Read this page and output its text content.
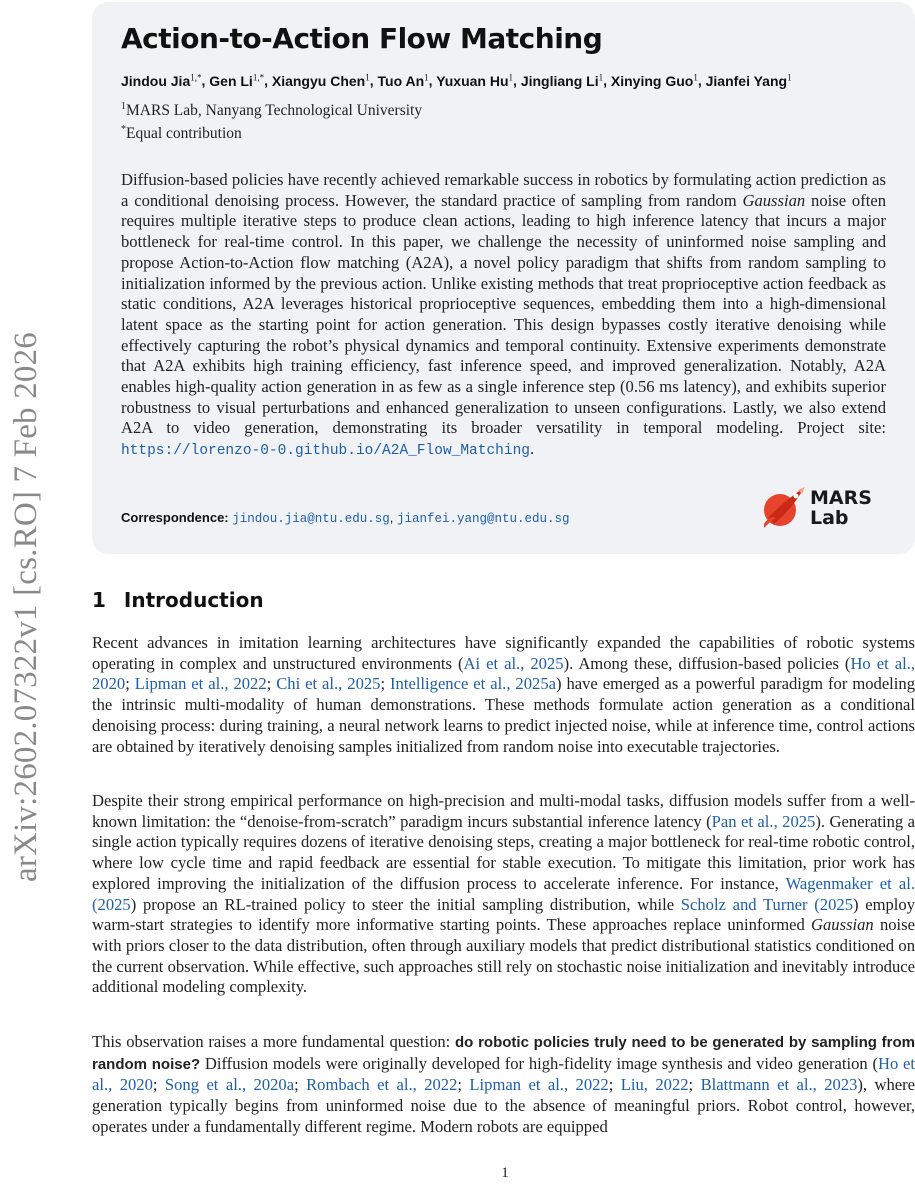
arXiv:2602.07322v1 [cs.RO] 7 Feb 2026
Action-to-Action Flow Matching
Jindou Jia$^{1,*}$, Gen $Li^{1,*}$, Xiangyu Chen$^1$, Tuo An$^1$, Yuxuan Hu$^1$, Jingliang Li$^1$, Xinying Guo$^1$, Jianfei Yang$^1$
$^1$MARS Lab, Nanyang Technological University
*Equal contribution
Diffusion-based policies have recently achieved remarkable success in robotics by formulating action prediction as a conditional denoising process. However, the standard practice of sampling from random Gaussian noise often requires multiple iterative steps to produce clean actions, leading to high inference latency that incurs a major bottleneck for real-time control. In this paper, we challenge the necessity of uninformed noise sampling and propose Action-to-Action flow matching (A2A), a novel policy paradigm that shifts from random sampling to initialization informed by the previous action. Unlike existing methods that treat proprioceptive action feedback as static conditions, A2A leverages historical proprioceptive sequences, embedding them into a high-dimensional latent space as the starting point for action generation. This design bypasses costly iterative denoising while effectively capturing the robot’s physical dynamics and temporal continuity. Extensive experiments demonstrate that A2A exhibits high training efficiency, fast inference speed, and improved generalization. Notably, A2A enables high-quality action generation in as few as a single inference step (0.56 ms latency), and exhibits superior robustness to visual perturbations and enhanced generalization to unseen configurations. Lastly, we also extend A2A to video generation, demonstrating its broader versatility in temporal modeling. Project site: https://lorenzo-0-0.github.io/A2A_Flow_Matching.
Correspondence: jindou.jia@ntu.edu.sg, jianfei.yang@ntu.edu.sg
MARS
Lab
1 Introduction
Recent advances in imitation learning architectures have significantly expanded the capabilities of robotic systems operating in complex and unstructured environments (Ai et al., 2025). Among these, diffusion-based policies (Ho et al., 2020; Lipman et al., 2022; Chi et al., 2025; Intelligence et al., 2025a) have emerged as a powerful paradigm for modeling the intrinsic multi-modality of human demonstrations. These methods formulate action generation as a conditional denoising process: during training, a neural network learns to predict injected noise, while at inference time, control actions are obtained by iteratively denoising samples initialized from random noise into executable trajectories.
Despite their strong empirical performance on high-precision and multi-modal tasks, diffusion models suffer from a well-known limitation: the “denoise-from-scratch” paradigm incurs substantial inference latency (Pan et al., 2025). Generating a single action typically requires dozens of iterative denoising steps, creating a major bottleneck for real-time robotic control, where low cycle time and rapid feedback are essential for stable execution. To mitigate this limitation, prior work has explored improving the initialization of the diffusion process to accelerate inference. For instance, Wagenmaker et al. (2025) propose an RL-trained policy to steer the initial sampling distribution, while Scholz and Turner (2025) employ warm-start strategies to identify more informative starting points. These approaches replace uninformed Gaussian noise with priors closer to the data distribution, often through auxiliary models that predict distributional statistics conditioned on the current observation. While effective, such approaches still rely on stochastic noise initialization and inevitably introduce additional modeling complexity.
This observation raises a more fundamental question: do robotic policies truly need to be generated by sampling from random noise? Diffusion models were originally developed for high-fidelity image synthesis and video generation (Ho et al., 2020; Song et al., 2020a; Rombach et al., 2022; Lipman et al., 2022; Liu, 2022; Blattmann et al., 2023), where generation typically begins from uninformed noise due to the absence of meaningful priors. Robot control, however, operates under a fundamentally different regime. Modern robots are equipped
1
